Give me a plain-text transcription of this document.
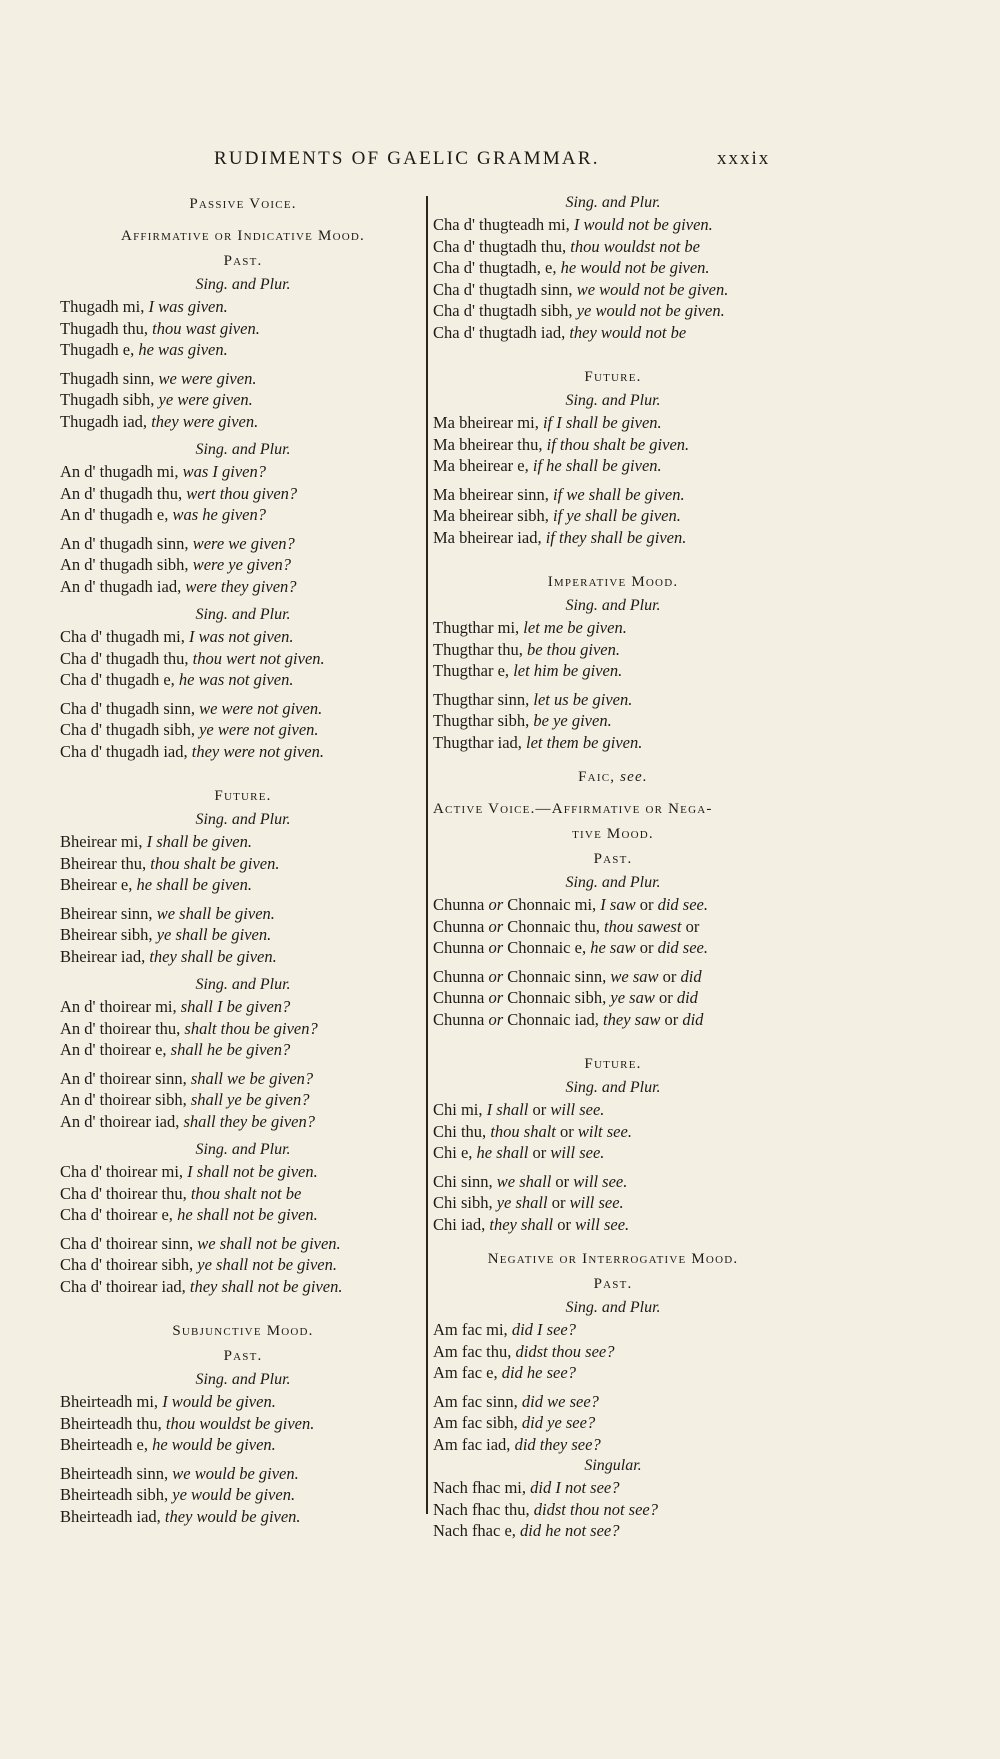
RUDIMENTS OF GAELIC GRAMMAR.	xxxix
Passive Voice.
Affirmative or Indicative Mood.
Past.
Sing. and Plur.
Thugadh mi, I was given.
Thugadh thu, thou wast given.
Thugadh e, he was given.
Thugadh sinn, we were given.
Thugadh sibh, ye were given.
Thugadh iad, they were given.
Sing. and Plur.
An d' thugadh mi, was I given?
An d' thugadh thu, wert thou given?
An d' thugadh e, was he given?
An d' thugadh sinn, were we given?
An d' thugadh sibh, were ye given?
An d' thugadh iad, were they given?
Sing. and Plur.
Cha d' thugadh mi, I was not given.
Cha d' thugadh thu, thou wert not given.
Cha d' thugadh e, he was not given.
Cha d' thugadh sinn, we were not given.
Cha d' thugadh sibh, ye were not given.
Cha d' thugadh iad, they were not given.
Future.
Sing. and Plur.
Bheirear mi, I shall be given.
Bheirear thu, thou shalt be given.
Bheirear e, he shall be given.
Bheirear sinn, we shall be given.
Bheirear sibh, ye shall be given.
Bheirear iad, they shall be given.
Sing. and Plur.
An d' thoirear mi, shall I be given?
An d' thoirear thu, shalt thou be given?
An d' thoirear e, shall he be given?
An d' thoirear sinn, shall we be given?
An d' thoirear sibh, shall ye be given?
An d' thoirear iad, shall they be given?
Sing. and Plur.
Cha d' thoirear mi, I shall not be given.
Cha d' thoirear thu, thou shalt not be
Cha d' thoirear e, he shall not be given.
Cha d' thoirear sinn, we shall not be given.
Cha d' thoirear sibh, ye shall not be given.
Cha d' thoirear iad, they shall not be given.
Subjunctive Mood.
Past.
Sing. and Plur.
Bheirteadh mi, I would be given.
Bheirteadh thu, thou wouldst be given.
Bheirteadh e, he would be given.
Bheirteadh sinn, we would be given.
Bheirteadh sibh, ye would be given.
Bheirteadh iad, they would be given.
Sing. and Plur.
Cha d' thugteadh mi, I would not be given.
Cha d' thugtadh thu, thou wouldst not be
Cha d' thugtadh, e, he would not be given.
Cha d' thugtadh sinn, we would not be given.
Cha d' thugtadh sibh, ye would not be given.
Cha d' thugtadh iad, they would not be
Future.
Sing. and Plur.
Ma bheirear mi, if I shall be given.
Ma bheirear thu, if thou shalt be given.
Ma bheirear e, if he shall be given.
Ma bheirear sinn, if we shall be given.
Ma bheirear sibh, if ye shall be given.
Ma bheirear iad, if they shall be given.
Imperative Mood.
Sing. and Plur.
Thugthar mi, let me be given.
Thugthar thu, be thou given.
Thugthar e, let him be given.
Thugthar sinn, let us be given.
Thugthar sibh, be ye given.
Thugthar iad, let them be given.
Faic, see.
Active Voice.—Affirmative or Nega-
tive Mood.
Past.
Sing. and Plur.
Chunna or Chonnaic mi, I saw or did see.
Chunna or Chonnaic thu, thou sawest or
Chunna or Chonnaic e, he saw or did see.
Chunna or Chonnaic sinn, we saw or did
Chunna or Chonnaic sibh, ye saw or did
Chunna or Chonnaic iad, they saw or did
Future.
Sing. and Plur.
Chi mi, I shall or will see.
Chi thu, thou shalt or wilt see.
Chi e, he shall or will see.
Chi sinn, we shall or will see.
Chi sibh, ye shall or will see.
Chi iad, they shall or will see.
Negative or Interrogative Mood.
Past.
Sing. and Plur.
Am fac mi, did I see?
Am fac thu, didst thou see?
Am fac e, did he see?
Am fac sinn, did we see?
Am fac sibh, did ye see?
Am fac iad, did they see?
Singular.
Nach fhac mi, did I not see?
Nach fhac thu, didst thou not see?
Nach fhac e, did he not see?
